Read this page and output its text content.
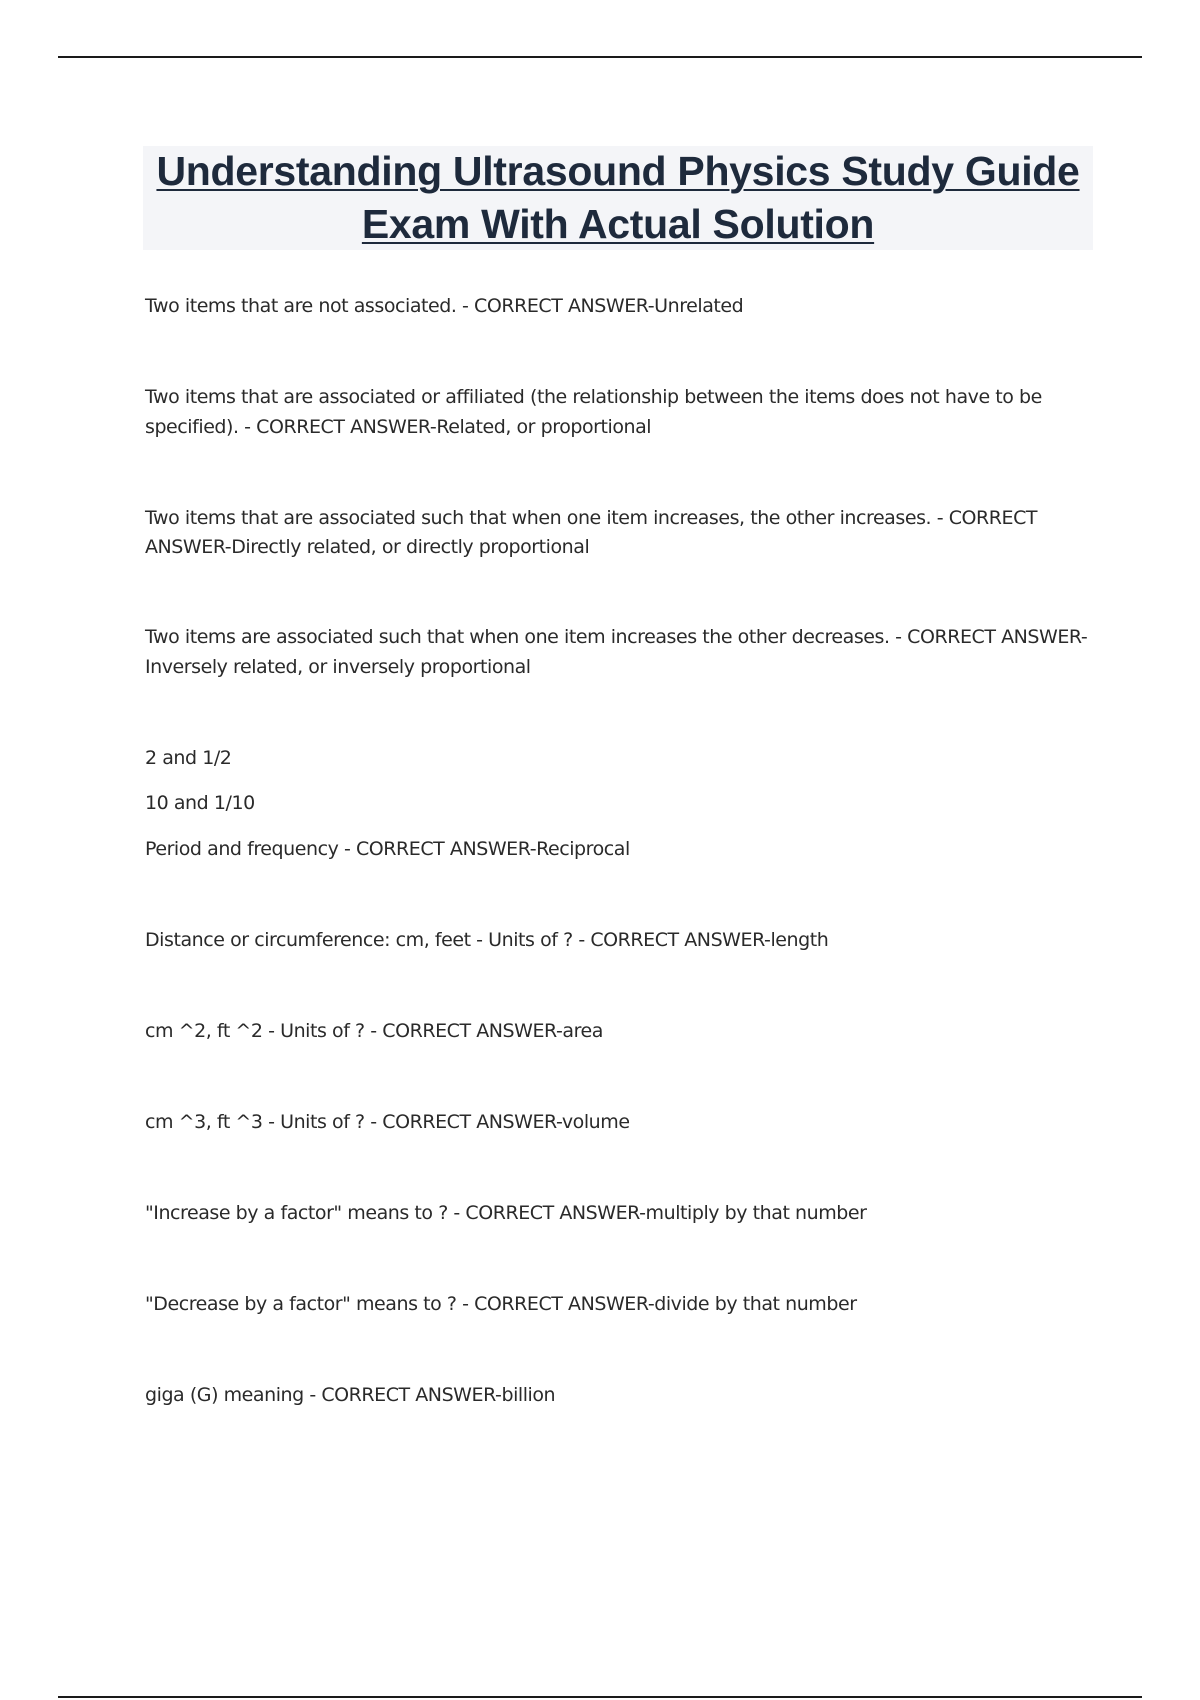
Understanding Ultrasound Physics Study Guide Exam With Actual Solution
Two items that are not associated. - CORRECT ANSWER-Unrelated
Two items that are associated or affiliated (the relationship between the items does not have to be
specified). - CORRECT ANSWER-Related, or proportional
Two items that are associated such that when one item increases, the other increases. - CORRECT
ANSWER-Directly related, or directly proportional
Two items are associated such that when one item increases the other decreases. - CORRECT ANSWER-
Inversely related, or inversely proportional
2 and 1/2
10 and 1/10
Period and frequency - CORRECT ANSWER-Reciprocal
Distance or circumference: cm, feet - Units of ? - CORRECT ANSWER-length
cm ^2, ft ^2 - Units of ? - CORRECT ANSWER-area
cm ^3, ft ^3 - Units of ? - CORRECT ANSWER-volume
"Increase by a factor" means to ? - CORRECT ANSWER-multiply by that number
"Decrease by a factor" means to ? - CORRECT ANSWER-divide by that number
giga (G) meaning - CORRECT ANSWER-billion
